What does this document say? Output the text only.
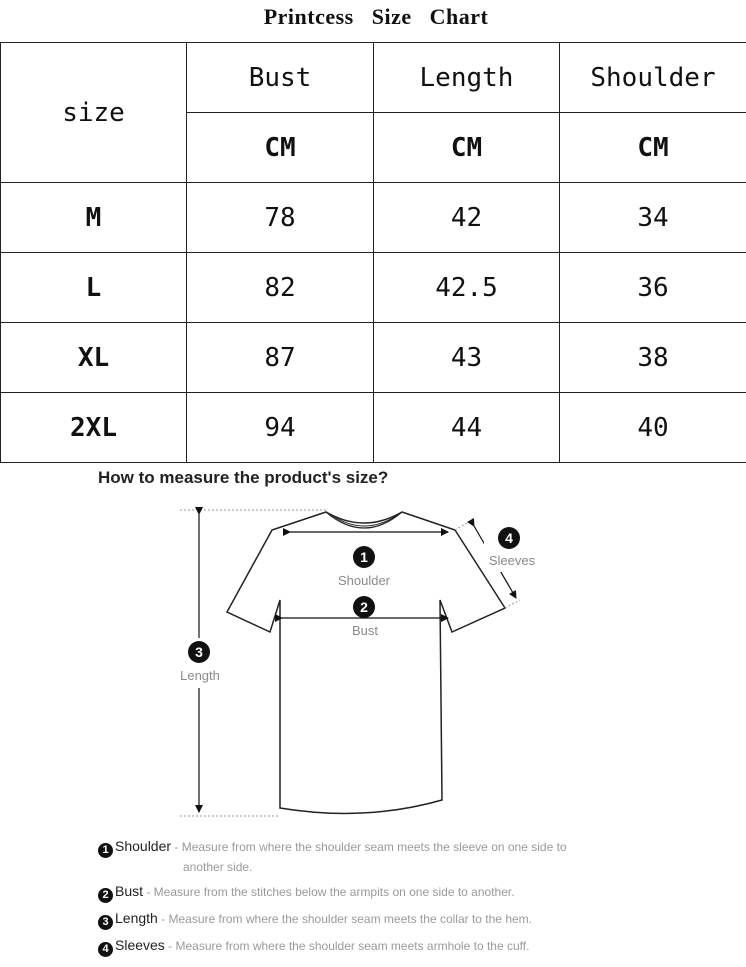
Printcess Size Chart
size	Bust	Length	Shoulder
	CM	CM	CM
M	78	42	34
L	82	42.5	36
XL	87	43	38
2XL	94	44	40
How to measure the product's size?
1
Shoulder
2
Bust
3
Length
4
Sleeves
1 Shoulder - Measure from where the shoulder seam meets the sleeve on one side to
another side.
2 Bust - Measure from the stitches below the armpits on one side to another.
3 Length - Measure from where the shoulder seam meets the collar to the hem.
4 Sleeves - Measure from where the shoulder seam meets armhole to the cuff.
